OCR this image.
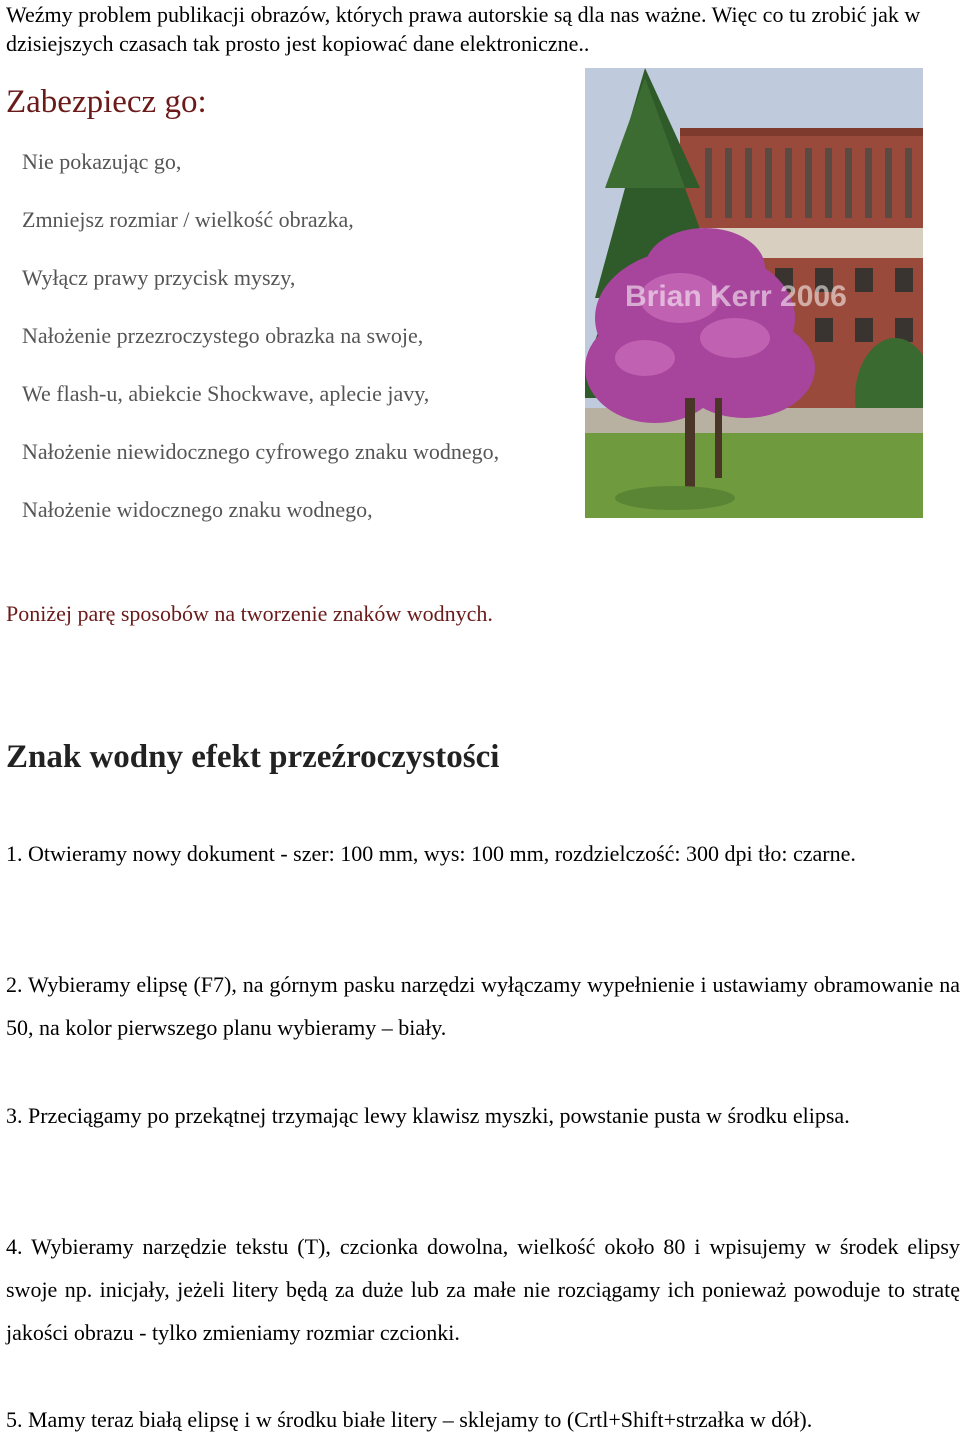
Weźmy problem publikacji obrazów, których prawa autorskie są dla nas ważne. Więc co tu zrobić jak w dzisiejszych czasach tak prosto jest kopiować dane elektroniczne..
Zabezpiecz go:
Nie pokazując go,
Zmniejsz rozmiar / wielkość obrazka,
Wyłącz prawy przycisk myszy,
Nałożenie przezroczystego obrazka na swoje,
We flash-u, abiekcie Shockwave, aplecie javy,
Nałożenie niewidocznego cyfrowego znaku wodnego,
Nałożenie widocznego znaku wodnego,
Brian Kerr 2006
Poniżej parę sposobów na tworzenie znaków wodnych.
Znak wodny efekt przeźroczystości

1. Otwieramy nowy dokument - szer: 100 mm, wys: 100 mm, rozdzielczość: 300 dpi tło: czarne.

2. Wybieramy elipsę (F7), na górnym pasku narzędzi wyłączamy wypełnienie i ustawiamy obramowanie na 50, na kolor pierwszego planu wybieramy – biały.

3. Przeciągamy po przekątnej trzymając lewy klawisz myszki, powstanie pusta w środku elipsa.

4. Wybieramy narzędzie tekstu (T), czcionka dowolna, wielkość około 80 i wpisujemy w środek elipsy swoje np. inicjały, jeżeli litery będą za duże lub za małe nie rozciągamy ich ponieważ powoduje to stratę jakości obrazu - tylko zmieniamy rozmiar czcionki.

5. Mamy teraz białą elipsę i w środku białe litery – sklejamy to (Crtl+Shift+strzałka w dół).
